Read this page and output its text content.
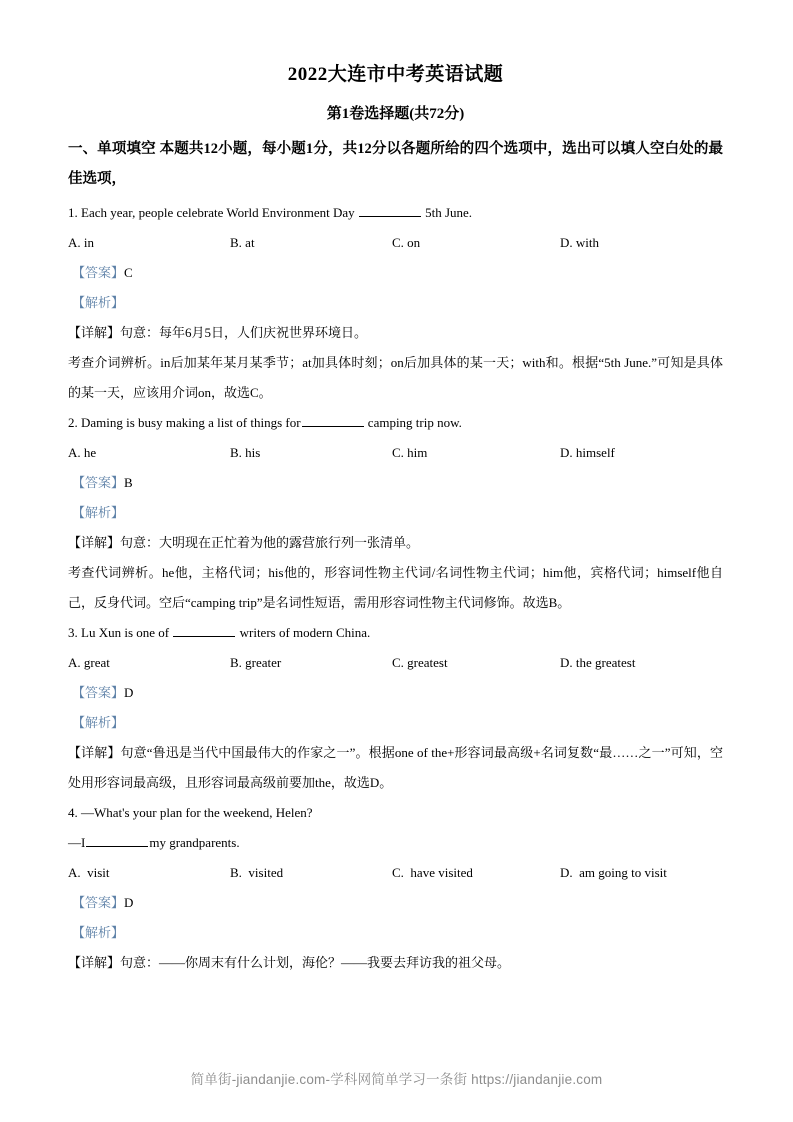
2022大连市中考英语试题
第1卷选择题(共72分)

一、单项填空 本题共12小题，每小题1分，共12分以各题所给的四个选项中，选出可以填人空白处的最佳选项，

1. Each year, people celebrate World Environment Day	5th June.

A. in	B. at	C. on	D. with

【答案】C

【解析】

【详解】句意：每年6月5日，人们庆祝世界环境日。

考查介词辨析。in后加某年某月某季节；at加具体时刻；on后加具体的某一天；with和。根据“5th June.”可知是具体的某一天，应该用介词on，故选C。

2. Daming is busy making a list of things for	camping trip now.

A. he	B. his	C. him	D. himself

【答案】B

【解析】

【详解】句意：大明现在正忙着为他的露营旅行列一张清单。

考查代词辨析。he他，主格代词；his他的，形容词性物主代词/名词性物主代词；him他，宾格代词；himself他自己，反身代词。空后“camping trip”是名词性短语，需用形容词性物主代词修饰。故选B。

3. Lu Xun is one of	writers of modern China.

A. great	B. greater	C. greatest	D. the greatest

【答案】D

【解析】

【详解】句意“鲁迅是当代中国最伟大的作家之一”。根据one of the+形容词最高级+名词复数“最……之一”可知，空处用形容词最高级，且形容词最高级前要加the，故选D。

4. —What's your plan for the weekend, Helen?

—I	my grandparents.

A.  visit	B.  visited	C.  have visited	D.  am going to visit

【答案】D

【解析】

【详解】句意：——你周末有什么计划，海伦？——我要去拜访我的祖父母。

简单街-jiandanjie.com-学科网简单学习一条街 https://jiandanjie.com
